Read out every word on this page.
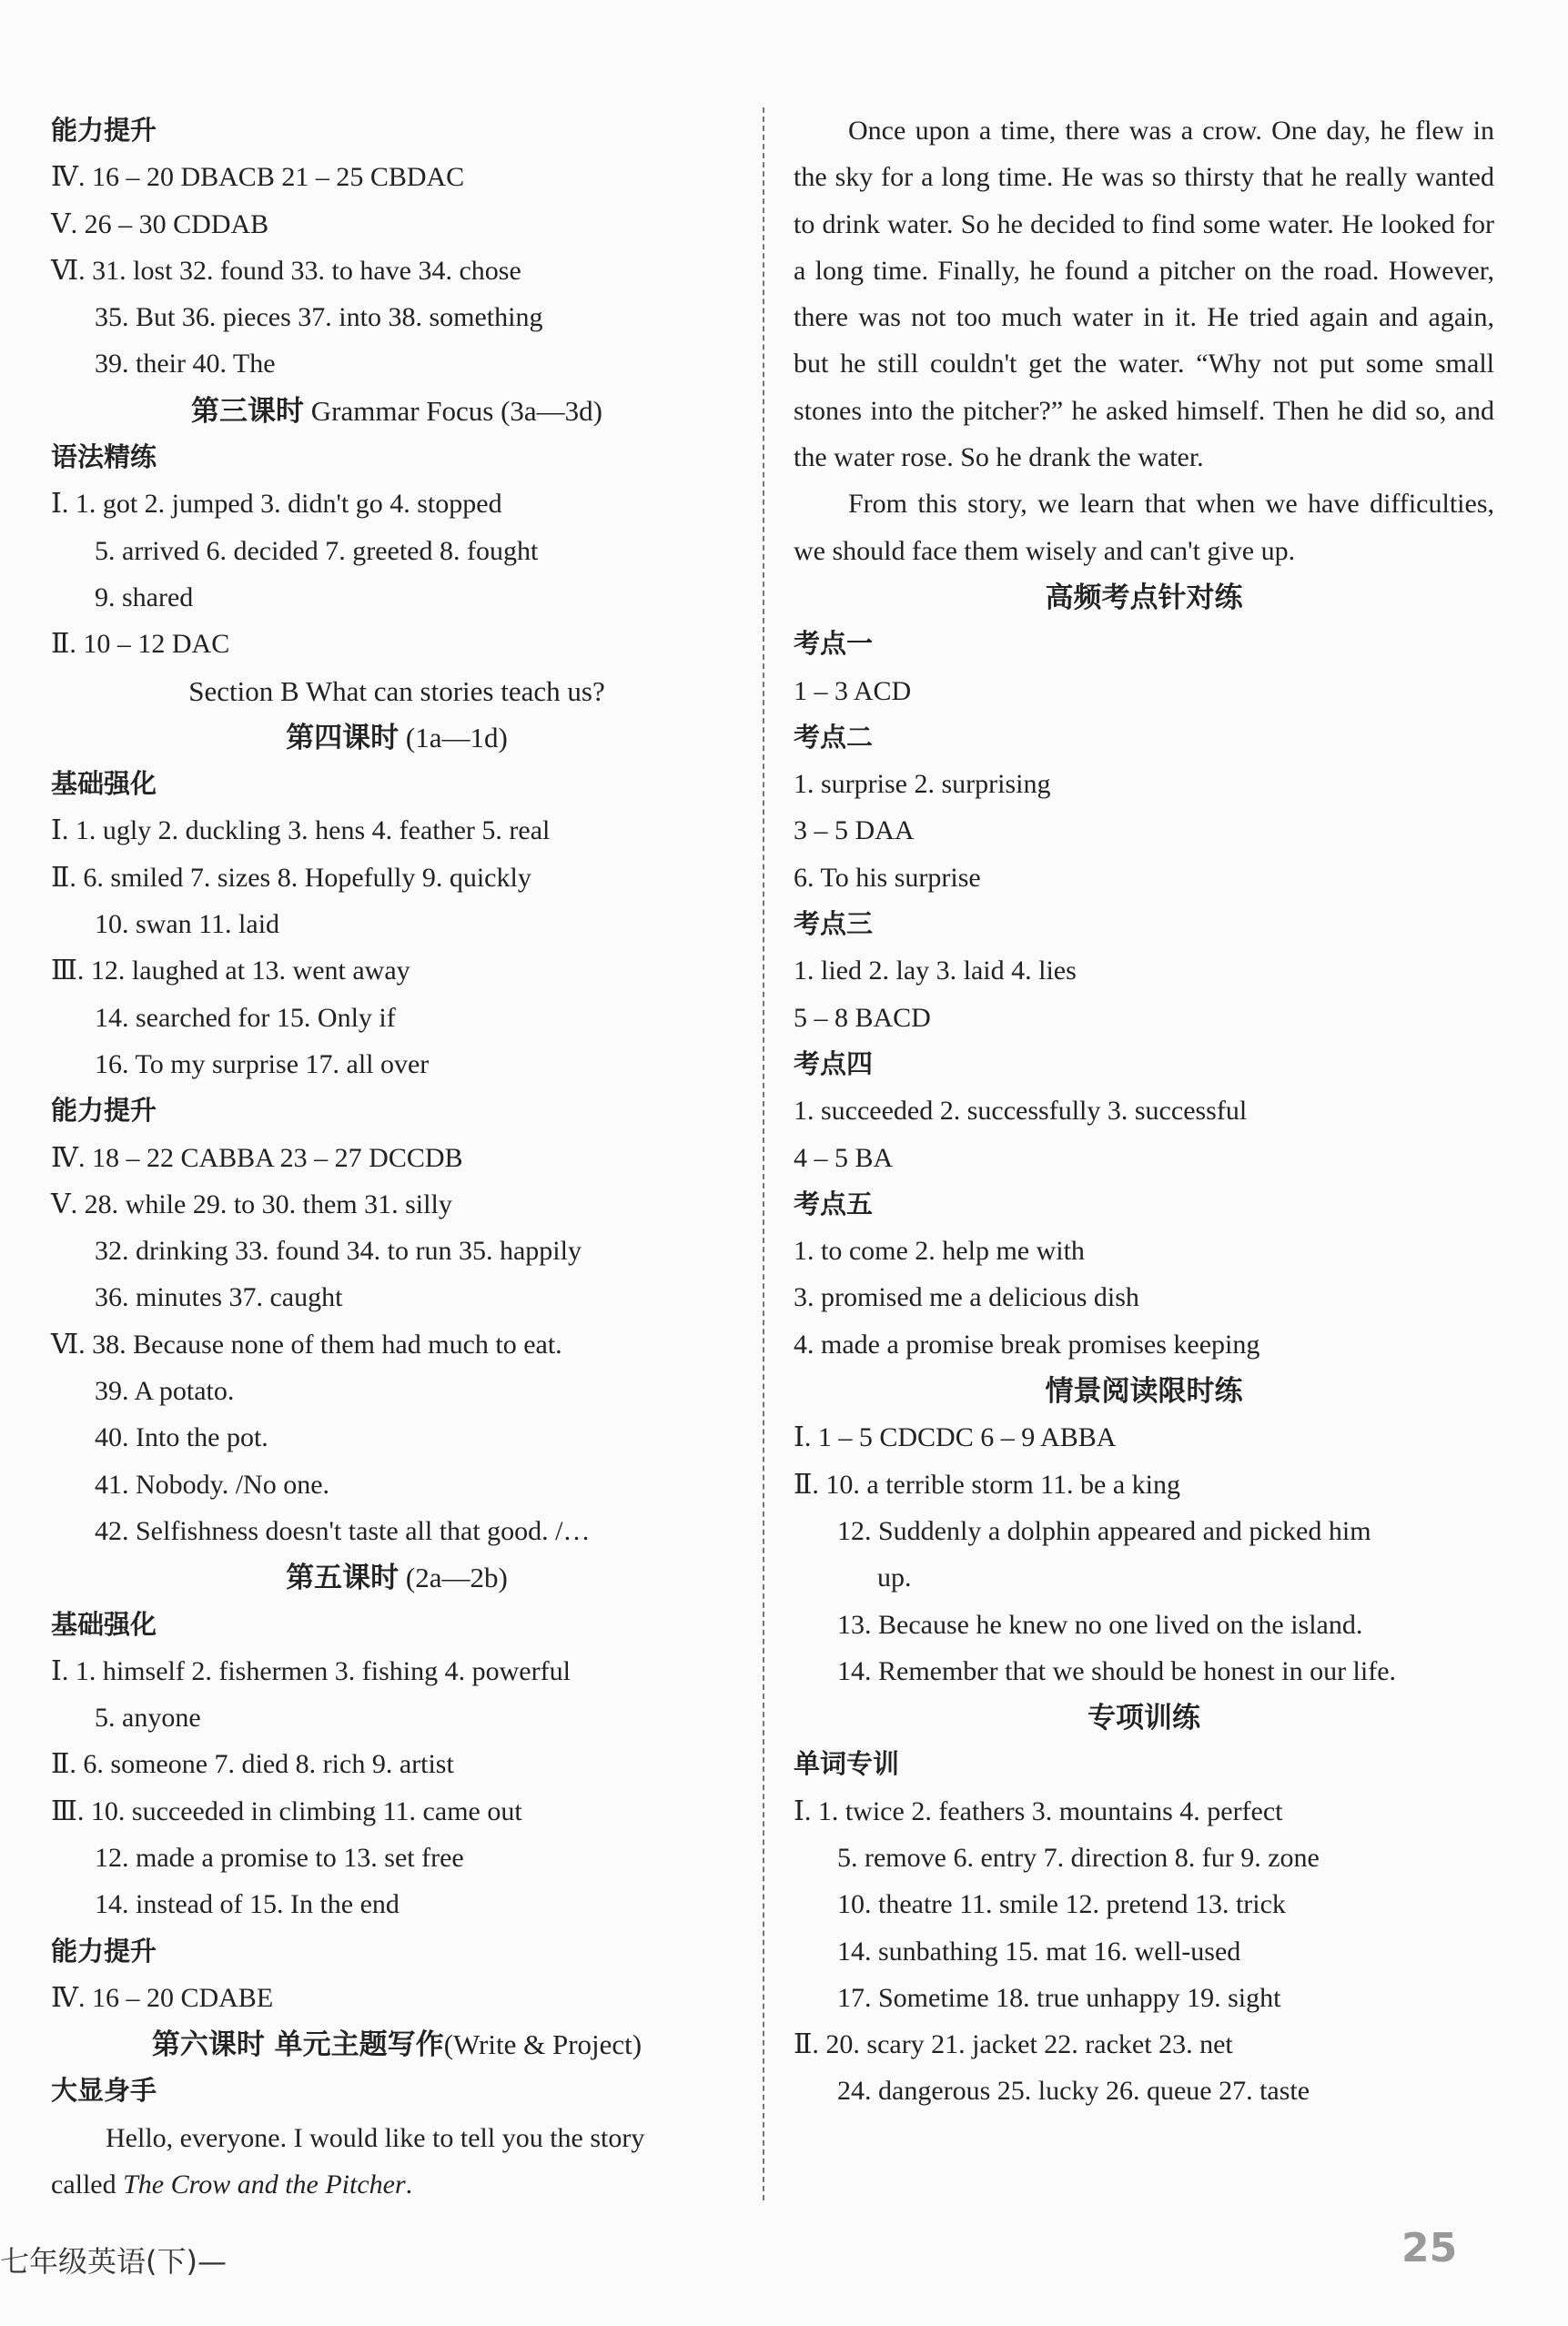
能力提升
Ⅳ. 16 – 20 DBACB 21 – 25 CBDAC
Ⅴ. 26 – 30 CDDAB
Ⅵ. 31. lost 32. found 33. to have 34. chose
35. But 36. pieces 37. into 38. something
39. their 40. The
第三课时 Grammar Focus (3a—3d)
语法精练
Ⅰ. 1. got 2. jumped 3. didn't go 4. stopped
5. arrived 6. decided 7. greeted 8. fought
9. shared
Ⅱ. 10 – 12 DAC
Section B What can stories teach us?
第四课时 (1a—1d)
基础强化
Ⅰ. 1. ugly 2. duckling 3. hens 4. feather 5. real
Ⅱ. 6. smiled 7. sizes 8. Hopefully 9. quickly
10. swan 11. laid
Ⅲ. 12. laughed at 13. went away
14. searched for 15. Only if
16. To my surprise 17. all over
能力提升
Ⅳ. 18 – 22 CABBA 23 – 27 DCCDB
Ⅴ. 28. while 29. to 30. them 31. silly
32. drinking 33. found 34. to run 35. happily
36. minutes 37. caught
Ⅵ. 38. Because none of them had much to eat.
39. A potato.
40. Into the pot.
41. Nobody. /No one.
42. Selfishness doesn't taste all that good. /…
第五课时 (2a—2b)
基础强化
Ⅰ. 1. himself 2. fishermen 3. fishing 4. powerful
5. anyone
Ⅱ. 6. someone 7. died 8. rich 9. artist
Ⅲ. 10. succeeded in climbing 11. came out
12. made a promise to 13. set free
14. instead of 15. In the end
能力提升
Ⅳ. 16 – 20 CDABE
第六课时 单元主题写作(Write & Project)
大显身手
Hello, everyone. I would like to tell you the story
called The Crow and the Pitcher.
Once upon a time, there was a crow. One day, he flew in the sky for a long time. He was so thirsty that he really wanted to drink water. So he decided to find some water. He looked for a long time. Finally, he found a pitcher on the road. However, there was not too much water in it. He tried again and again, but he still couldn't get the water. “Why not put some small stones into the pitcher?” he asked himself. Then he did so, and the water rose. So he drank the water.
From this story, we learn that when we have difficulties, we should face them wisely and can't give up.
高频考点针对练
考点一
1 – 3 ACD
考点二
1. surprise 2. surprising
3 – 5 DAA
6. To his surprise
考点三
1. lied 2. lay 3. laid 4. lies
5 – 8 BACD
考点四
1. succeeded 2. successfully 3. successful
4 – 5 BA
考点五
1. to come 2. help me with
3. promised me a delicious dish
4. made a promise break promises keeping
情景阅读限时练
Ⅰ. 1 – 5 CDCDC 6 – 9 ABBA
Ⅱ. 10. a terrible storm 11. be a king
12. Suddenly a dolphin appeared and picked him
up.
13. Because he knew no one lived on the island.
14. Remember that we should be honest in our life.
专项训练
单词专训
Ⅰ. 1. twice 2. feathers 3. mountains 4. perfect
5. remove 6. entry 7. direction 8. fur 9. zone
10. theatre 11. smile 12. pretend 13. trick
14. sunbathing 15. mat 16. well-used
17. Sometime 18. true unhappy 19. sight
Ⅱ. 20. scary 21. jacket 22. racket 23. net
24. dangerous 25. lucky 26. queue 27. taste
七年级英语(下)—	25
